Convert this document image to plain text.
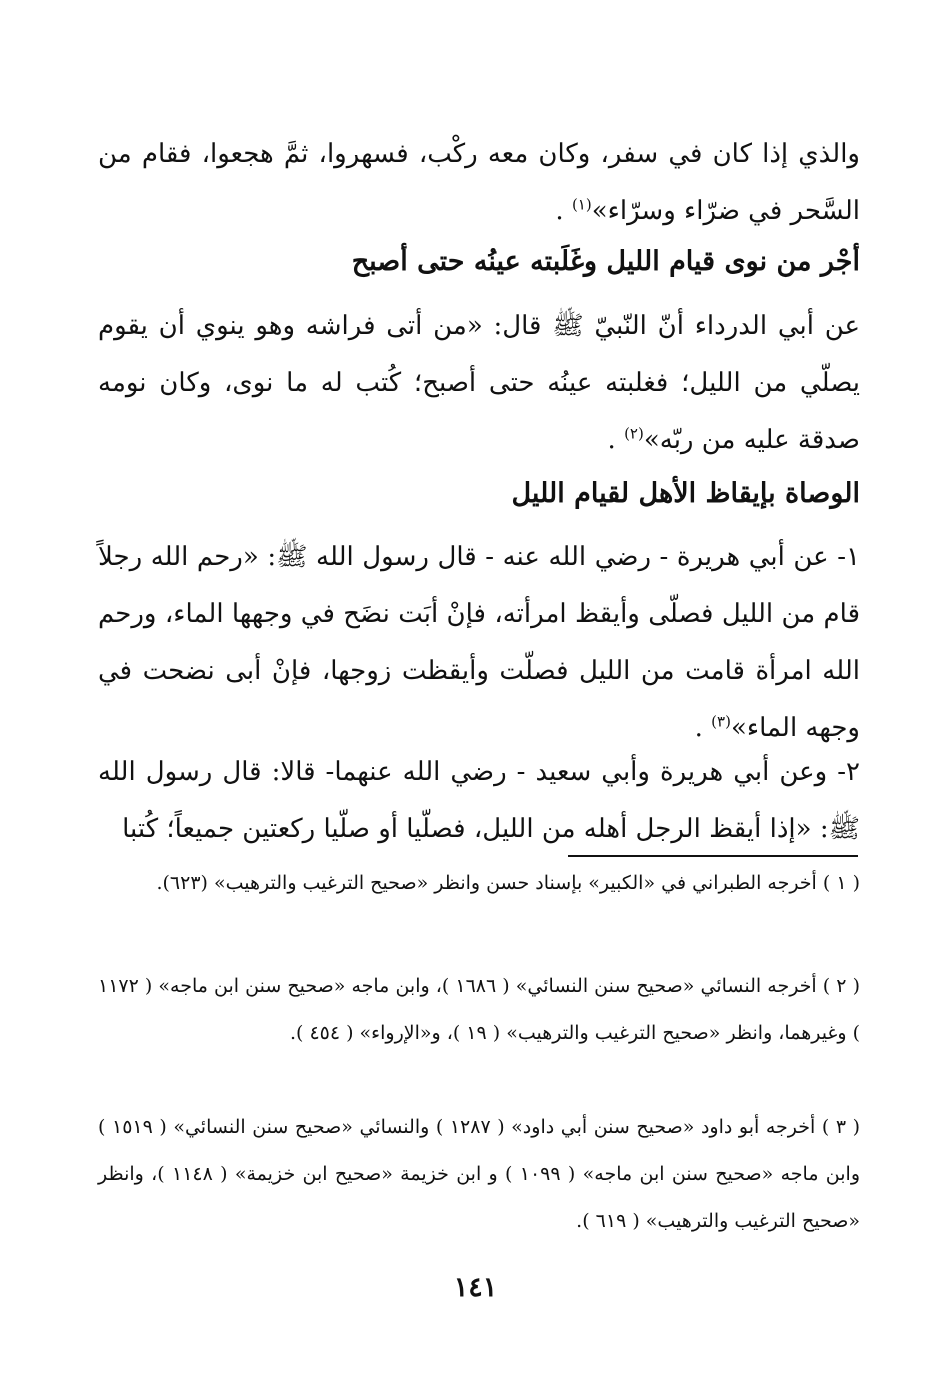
والذي إذا كان في سفر، وكان معه ركْب، فسهروا، ثمَّ هجعوا، فقام من السَّحر في ضرّاء وسرّاء»$^{(١)}$ .

أجْر من نوى قيام الليل وغَلَبته عينُه حتى أصبح

عن أبي الدرداء أنّ النّبيّ ﷺ قال: «من أتى فراشه وهو ينوي أن يقوم يصلّي من الليل؛ فغلبته عينُه حتى أصبح؛ كُتب له ما نوى، وكان نومه صدقة عليه من ربّه»$^{(٢)}$ .

الوصاة بإيقاظ الأهل لقيام الليل

١- عن أبي هريرة - رضي الله عنه - قال رسول الله ﷺ: «رحم الله رجلاً قام من الليل فصلّى وأيقظ امرأته، فإنْ أبَت نضَح في وجهها الماء، ورحم الله امرأة قامت من الليل فصلّت وأيقظت زوجها، فإنْ أبى نضحت في وجهه الماء»$^{(٣)}$ .

٢- وعن أبي هريرة وأبي سعيد - رضي الله عنهما- قالا: قال رسول الله ﷺ: «إذا أيقظ الرجل أهله من الليل، فصلّيا أو صلّيا ركعتين جميعاً؛ كُتبا

( ١ ) أخرجه الطبراني في «الكبير» بإسناد حسن وانظر «صحيح الترغيب والترهيب» (٦٢٣).

( ٢ ) أخرجه النسائي «صحيح سنن النسائي» ( ١٦٨٦ )، وابن ماجه «صحيح سنن ابن ماجه» ( ١١٧٢ ) وغيرهما، وانظر «صحيح الترغيب والترهيب» ( ١٩ )، و«الإرواء» ( ٤٥٤ ).

( ٣ ) أخرجه أبو داود «صحيح سنن أبي داود» ( ١٢٨٧ ) والنسائي «صحيح سنن النسائي» ( ١٥١٩ ) وابن ماجه «صحيح سنن ابن ماجه» ( ١٠٩٩ ) و ابن خزيمة «صحيح ابن خزيمة» ( ١١٤٨ )، وانظر «صحيح الترغيب والترهيب» ( ٦١٩ ).

١٤١
